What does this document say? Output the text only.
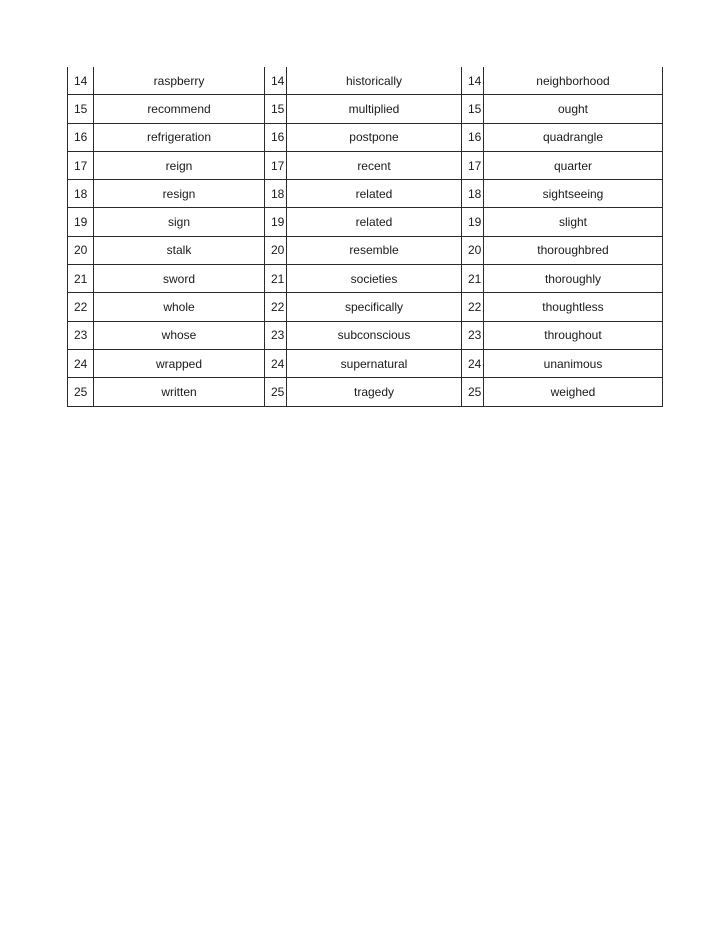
14	raspberry	14	historically	14	neighborhood
15	recommend	15	multiplied	15	ought
16	refrigeration	16	postpone	16	quadrangle
17	reign	17	recent	17	quarter
18	resign	18	related	18	sightseeing
19	sign	19	related	19	slight
20	stalk	20	resemble	20	thoroughbred
21	sword	21	societies	21	thoroughly
22	whole	22	specifically	22	thoughtless
23	whose	23	subconscious	23	throughout
24	wrapped	24	supernatural	24	unanimous
25	written	25	tragedy	25	weighed
